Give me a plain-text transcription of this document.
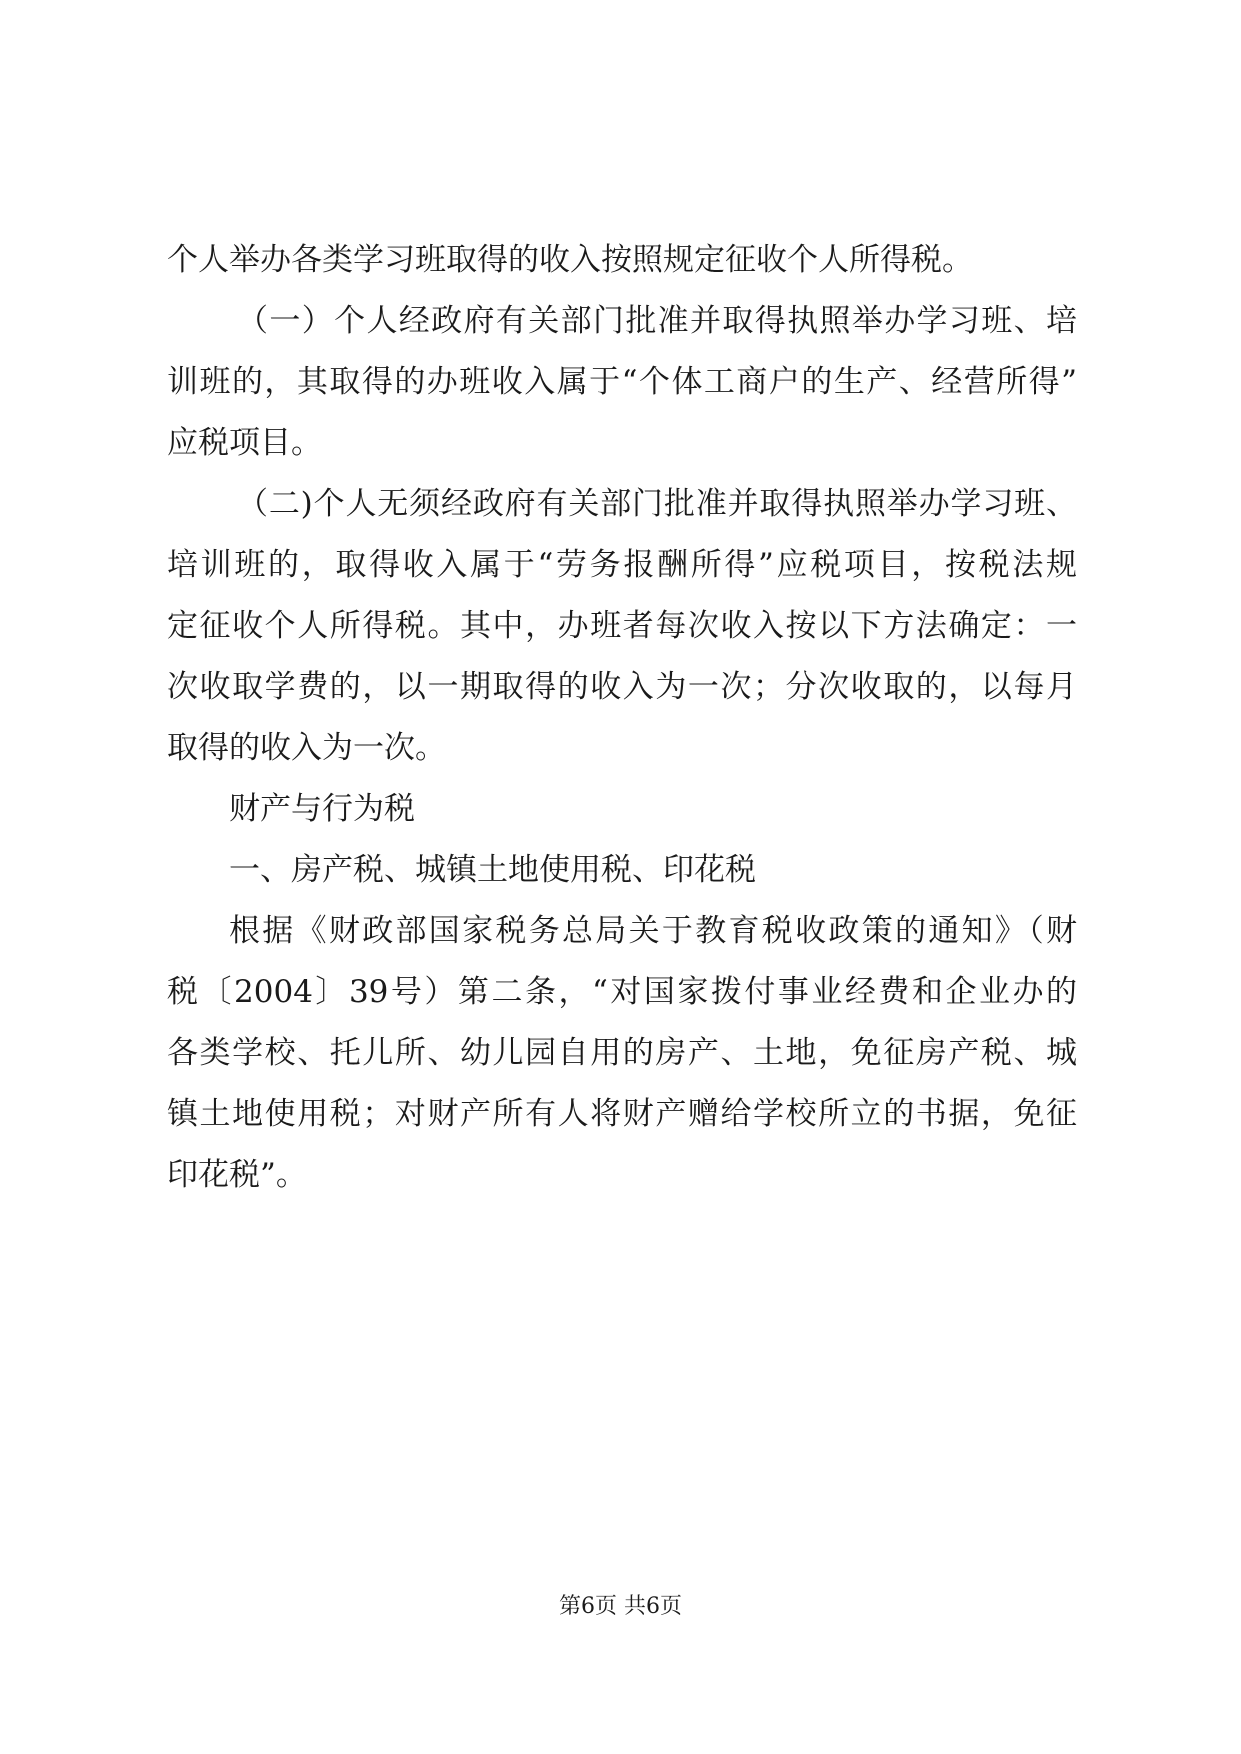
个人举办各类学习班取得的收入按照规定征收个人所得税。
（一）个人经政府有关部门批准并取得执照举办学习班、培
训班的，其取得的办班收入属于“个体工商户的生产、经营所得”
应税项目。
（二)个人无须经政府有关部门批准并取得执照举办学习班、
培训班的，取得收入属于“劳务报酬所得”应税项目，按税法规
定征收个人所得税。其中，办班者每次收入按以下方法确定：一
次收取学费的，以一期取得的收入为一次；分次收取的，以每月
取得的收入为一次。
财产与行为税
一、房产税、城镇土地使用税、印花税
根据《财政部国家税务总局关于教育税收政策的通知》（财
税〔2004〕39号）第二条，“对国家拨付事业经费和企业办的
各类学校、托儿所、幼儿园自用的房产、土地，免征房产税、城
镇土地使用税；对财产所有人将财产赠给学校所立的书据，免征
印花税”。
第6页 共6页
